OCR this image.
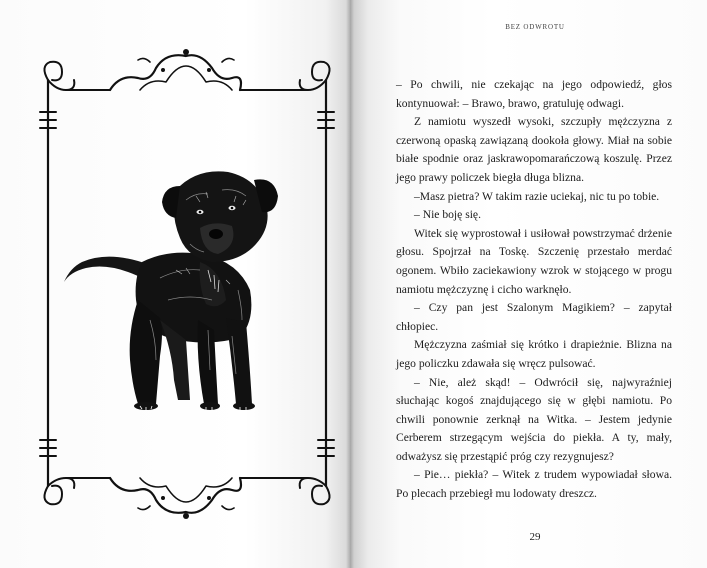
BEZ ODWROTU

– Po chwili, nie czekając na jego odpowiedź, głos kontynuował: – Brawo, brawo, gratuluję odwagi.

Z namiotu wyszedł wysoki, szczupły mężczyzna z czerwoną opaską zawiązaną dookoła głowy. Miał na sobie białe spodnie oraz jaskrawopomarańczową koszulę. Przez jego prawy policzek biegła długa blizna.

–Masz pietra? W takim razie uciekaj, nic tu po tobie.

– Nie boję się.

Witek się wyprostował i usiłował powstrzymać drżenie głosu. Spojrzał na Toskę. Szczenię przestało merdać ogonem. Wbiło zaciekawiony wzrok w stojącego w progu namiotu mężczyznę i cicho warknęło.

– Czy pan jest Szalonym Magikiem? – zapytał chłopiec.

Mężczyzna zaśmiał się krótko i drapieżnie. Blizna na jego policzku zdawała się wręcz pulsować.

– Nie, ależ skąd! – Odwrócił się, najwyraźniej słuchając kogoś znajdującego się w głębi namiotu. Po chwili ponownie zerknął na Witka. – Jestem jedynie Cerberem strzegącym wejścia do piekła. A ty, mały, odważysz się przestąpić próg czy rezygnujesz?

– Pie… piekła? – Witek z trudem wypowiadał słowa. Po plecach przebiegł mu lodowaty dreszcz.

29
